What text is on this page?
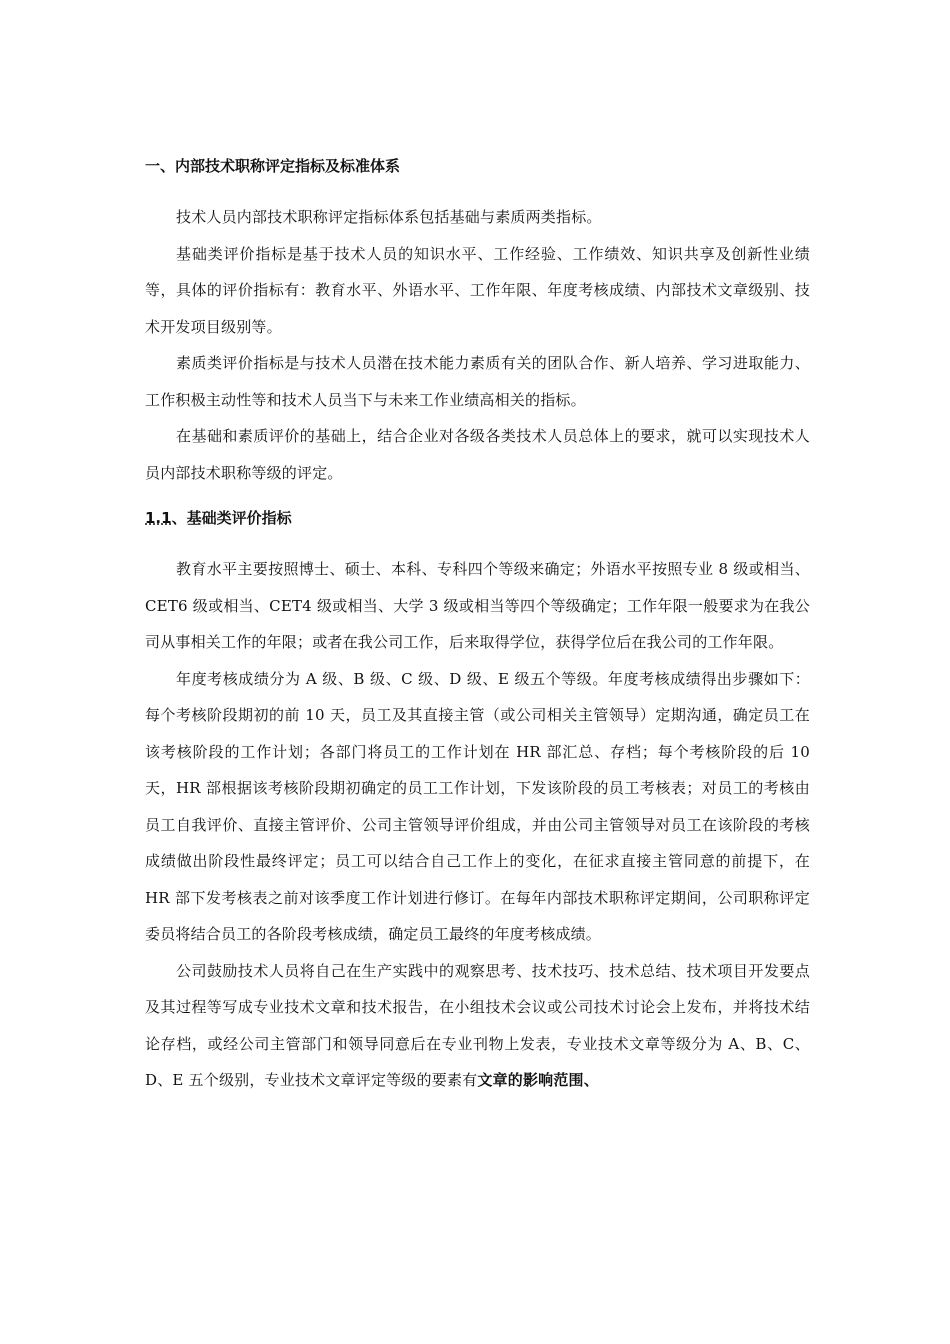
一、内部技术职称评定指标及标准体系

技术人员内部技术职称评定指标体系包括基础与素质两类指标。

基础类评价指标是基于技术人员的知识水平、工作经验、工作绩效、知识共享及创新性业绩等，具体的评价指标有：教育水平、外语水平、工作年限、年度考核成绩、内部技术文章级别、技术开发项目级别等。

素质类评价指标是与技术人员潜在技术能力素质有关的团队合作、新人培养、学习进取能力、工作积极主动性等和技术人员当下与未来工作业绩高相关的指标。

在基础和素质评价的基础上，结合企业对各级各类技术人员总体上的要求，就可以实现技术人员内部技术职称等级的评定。

1.1、基础类评价指标

教育水平主要按照博士、硕士、本科、专科四个等级来确定；外语水平按照专业 8 级或相当、CET6 级或相当、CET4 级或相当、大学 3 级或相当等四个等级确定；工作年限一般要求为在我公司从事相关工作的年限；或者在我公司工作，后来取得学位，获得学位后在我公司的工作年限。

年度考核成绩分为 A 级、B 级、C 级、D 级、E 级五个等级。年度考核成绩得出步骤如下：每个考核阶段期初的前 10 天，员工及其直接主管（或公司相关主管领导）定期沟通，确定员工在该考核阶段的工作计划；各部门将员工的工作计划在 HR 部汇总、存档；每个考核阶段的后 10 天，HR 部根据该考核阶段期初确定的员工工作计划，下发该阶段的员工考核表；对员工的考核由员工自我评价、直接主管评价、公司主管领导评价组成，并由公司主管领导对员工在该阶段的考核成绩做出阶段性最终评定；员工可以结合自己工作上的变化，在征求直接主管同意的前提下，在 HR 部下发考核表之前对该季度工作计划进行修订。在每年内部技术职称评定期间，公司职称评定委员将结合员工的各阶段考核成绩，确定员工最终的年度考核成绩。

公司鼓励技术人员将自己在生产实践中的观察思考、技术技巧、技术总结、技术项目开发要点及其过程等写成专业技术文章和技术报告，在小组技术会议或公司技术讨论会上发布，并将技术结论存档，或经公司主管部门和领导同意后在专业刊物上发表，专业技术文章等级分为 A、B、C、D、E 五个级别，专业技术文章评定等级的要素有文章的影响范围、
